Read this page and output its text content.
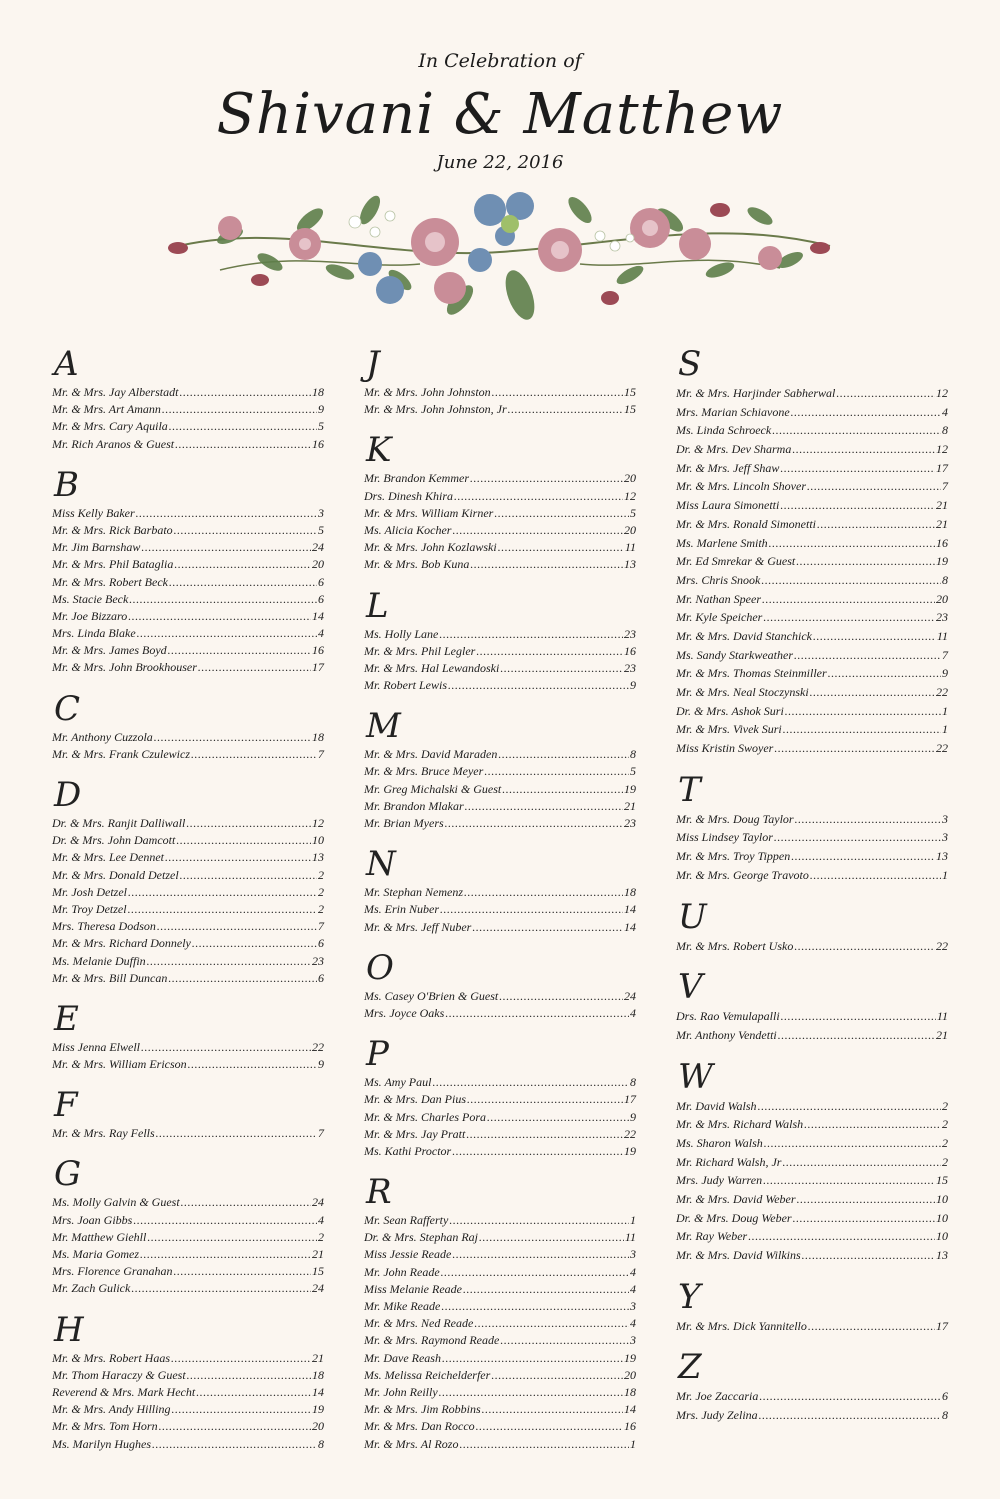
In Celebration of
Shivani & Matthew
June 22, 2016
A
Mr. & Mrs. Jay Alberstadt .....	18
Mr. & Mrs. Art Amann .....	9
Mr. & Mrs. Cary Aquila .....	5
Mr. Rich Aranos & Guest .....	16
B
Miss Kelly Baker .....	3
Mr. & Mrs. Rick Barbato .....	5
Mr. Jim Barnshaw .....	24
Mr. & Mrs. Phil Bataglia .....	20
Mr. & Mrs. Robert Beck .....	6
Ms. Stacie Beck .....	6
Mr. Joe Bizzaro .....	14
Mrs. Linda Blake .....	4
Mr. & Mrs. James Boyd .....	16
Mr. & Mrs. John Brookhouser .....	17
C
Mr. Anthony Cuzzola .....	18
Mr. & Mrs. Frank Czulewicz .....	7
D
Dr. & Mrs. Ranjit Dalliwall .....	12
Dr. & Mrs. John Damcott .....	10
Mr. & Mrs. Lee Dennet .....	13
Mr. & Mrs. Donald Detzel .....	2
Mr. Josh Detzel .....	2
Mr. Troy Detzel .....	2
Mrs. Theresa Dodson .....	7
Mr. & Mrs. Richard Donnely .....	6
Ms. Melanie Duffin .....	23
Mr. & Mrs. Bill Duncan .....	6
E
Miss Jenna Elwell .....	22
Mr. & Mrs. William Ericson .....	9
F
Mr. & Mrs. Ray Fells .....	7
G
Ms. Molly Galvin & Guest .....	24
Mrs. Joan Gibbs .....	4
Mr. Matthew Giehll .....	2
Ms. Maria Gomez .....	21
Mrs. Florence Granahan .....	15
Mr. Zach Gulick .....	24
H
Mr. & Mrs. Robert Haas .....	21
Mr. Thom Haraczy & Guest .....	18
Reverend & Mrs. Mark Hecht .....	14
Mr. & Mrs. Andy Hilling .....	19
Mr. & Mrs. Tom Horn .....	20
Ms. Marilyn Hughes .....	8
J
Mr. & Mrs. John Johnston .....	15
Mr. & Mrs. John Johnston, Jr .....	15
K
Mr. Brandon Kemmer .....	20
Drs. Dinesh Khira .....	12
Mr. & Mrs. William Kirner .....	5
Ms. Alicia Kocher .....	20
Mr. & Mrs. John Kozlawski .....	11
Mr. & Mrs. Bob Kuna .....	13
L
Ms. Holly Lane .....	23
Mr. & Mrs. Phil Legler .....	16
Mr. & Mrs. Hal Lewandoski .....	23
Mr. Robert Lewis .....	9
M
Mr. & Mrs. David Maraden .....	8
Mr. & Mrs. Bruce Meyer .....	5
Mr. Greg Michalski & Guest .....	19
Mr. Brandon Mlakar .....	21
Mr. Brian Myers .....	23
N
Mr. Stephan Nemenz .....	18
Ms. Erin Nuber .....	14
Mr. & Mrs. Jeff Nuber .....	14
O
Ms. Casey O'Brien & Guest .....	24
Mrs. Joyce Oaks .....	4
P
Ms. Amy Paul .....	8
Mr. & Mrs. Dan Pius .....	17
Mr. & Mrs. Charles Pora .....	9
Mr. & Mrs. Jay Pratt .....	22
Ms. Kathi Proctor .....	19
R
Mr. Sean Rafferty .....	1
Dr. & Mrs. Stephan Raj .....	11
Miss Jessie Reade .....	3
Mr. John Reade .....	4
Miss Melanie Reade .....	4
Mr. Mike Reade .....	3
Mr. & Mrs. Ned Reade .....	4
Mr. & Mrs. Raymond Reade .....	3
Mr. Dave Reash .....	19
Ms. Melissa Reichelderfer .....	20
Mr. John Reilly .....	18
Mr. & Mrs. Jim Robbins .....	14
Mr. & Mrs. Dan Rocco .....	16
Mr. & Mrs. Al Rozo .....	1
S
Mr. & Mrs. Harjinder Sabherwal .....	12
Mrs. Marian Schiavone .....	4
Ms. Linda Schroeck .....	8
Dr. & Mrs. Dev Sharma .....	12
Mr. & Mrs. Jeff Shaw .....	17
Mr. & Mrs. Lincoln Shover .....	7
Miss Laura Simonetti .....	21
Mr. & Mrs. Ronald Simonetti .....	21
Ms. Marlene Smith .....	16
Mr. Ed Smrekar & Guest .....	19
Mrs. Chris Snook .....	8
Mr. Nathan Speer .....	20
Mr. Kyle Speicher .....	23
Mr. & Mrs. David Stanchick .....	11
Ms. Sandy Starkweather .....	7
Mr. & Mrs. Thomas Steinmiller .....	9
Mr. & Mrs. Neal Stoczynski .....	22
Dr. & Mrs. Ashok Suri .....	1
Mr. & Mrs. Vivek Suri .....	1
Miss Kristin Swoyer .....	22
T
Mr. & Mrs. Doug Taylor .....	3
Miss Lindsey Taylor .....	3
Mr. & Mrs. Troy Tippen .....	13
Mr. & Mrs. George Travoto .....	1
U
Mr. & Mrs. Robert Usko .....	22
V
Drs. Rao Vemulapalli .....	11
Mr. Anthony Vendetti .....	21
W
Mr. David Walsh .....	2
Mr. & Mrs. Richard Walsh .....	2
Ms. Sharon Walsh .....	2
Mr. Richard Walsh, Jr .....	2
Mrs. Judy Warren .....	15
Mr. & Mrs. David Weber .....	10
Dr. & Mrs. Doug Weber .....	10
Mr. Ray Weber .....	10
Mr. & Mrs. David Wilkins .....	13
Y
Mr. & Mrs. Dick Yannitello .....	17
Z
Mr. Joe Zaccaria .....	6
Mrs. Judy Zelina .....	8
